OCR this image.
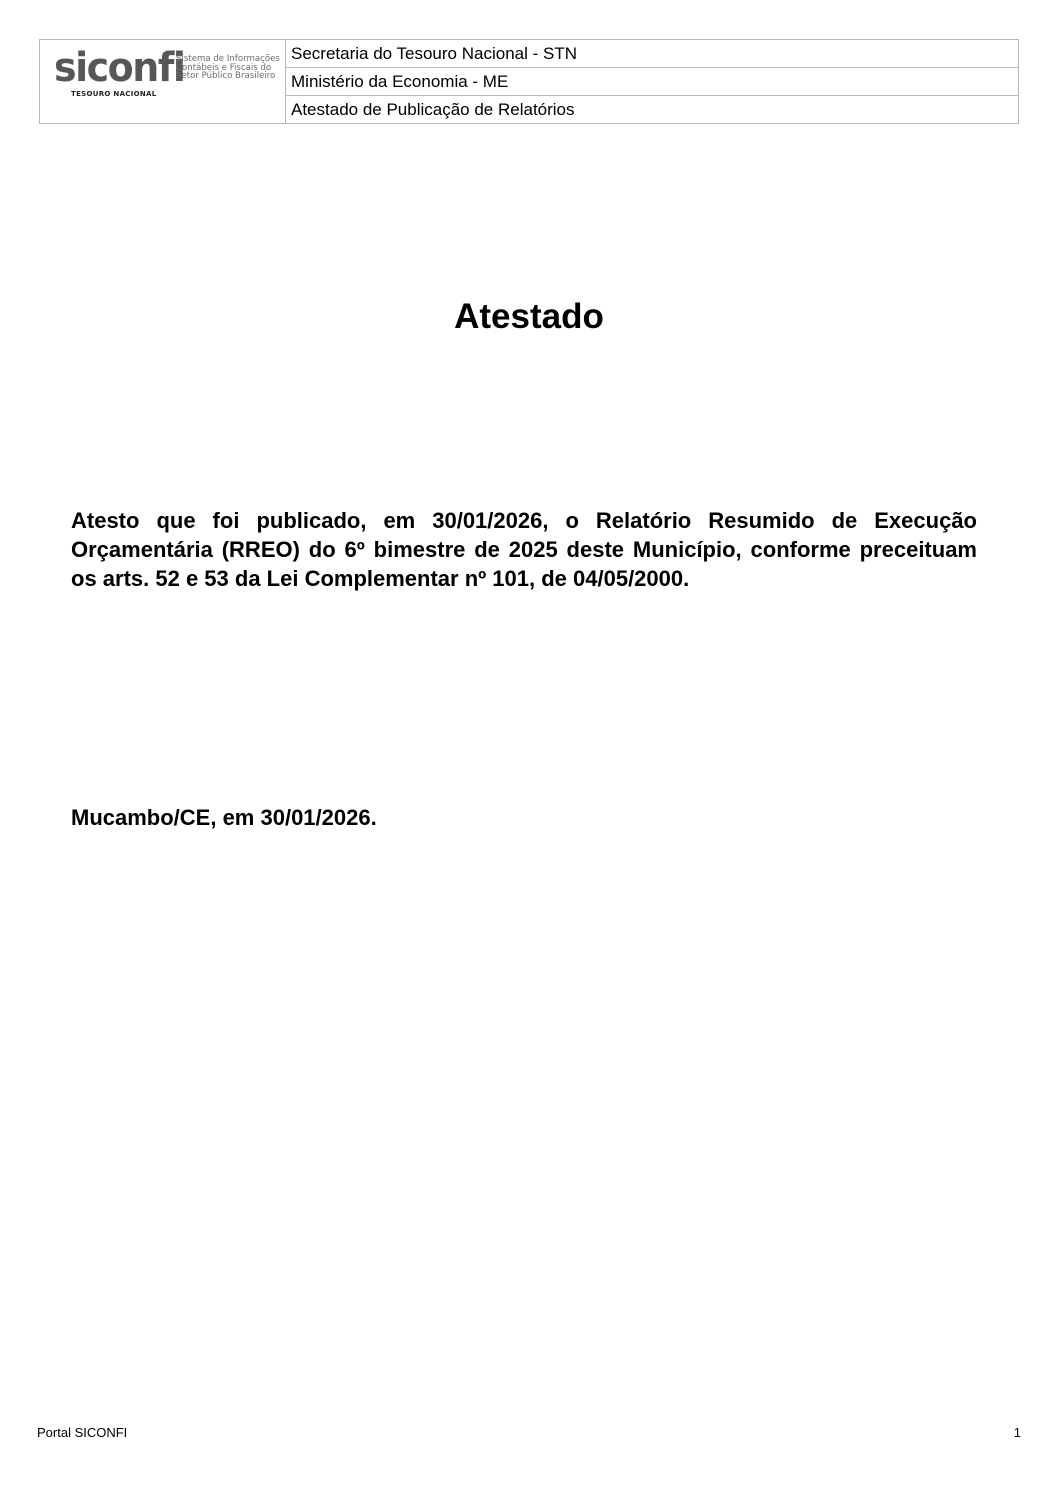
siconfi
Sistema de Informações
Contábeis e Fiscais do
Setor Público Brasileiro
TESOURO NACIONAL
Secretaria do Tesouro Nacional - STN
Ministério da Economia - ME
Atestado de Publicação de Relatórios
Atestado
Atesto que foi publicado, em 30/01/2026, o Relatório Resumido de Execução Orçamentária (RREO) do 6º bimestre de 2025 deste Município, conforme preceituam os arts. 52 e 53 da Lei Complementar nº 101, de 04/05/2000.
Mucambo/CE, em 30/01/2026.
Portal SICONFI	1
